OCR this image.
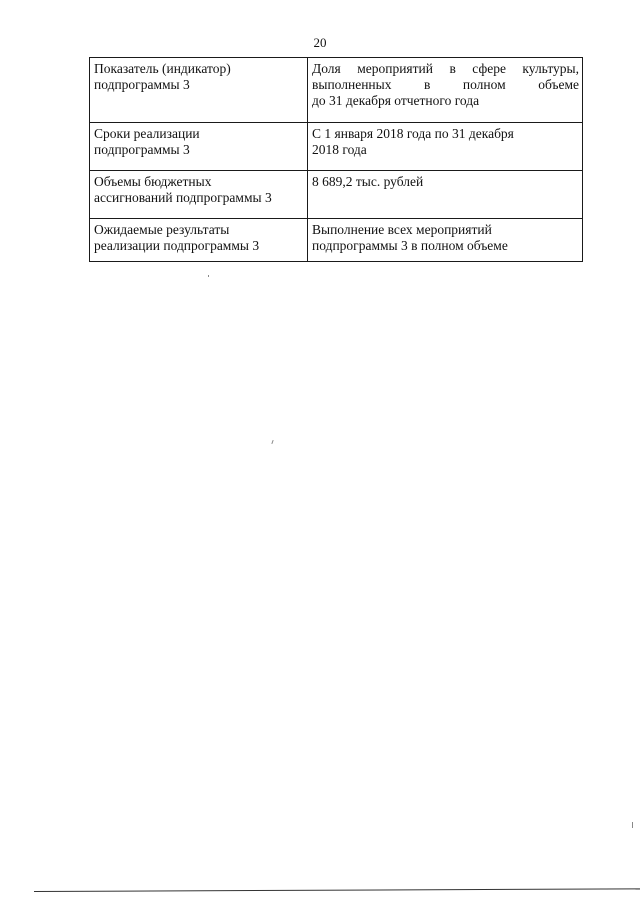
20
Показатель (индикатор)
подпрограммы 3	Доля мероприятий в сфере культуры,
выполненных в полном объеме
до 31 декабря отчетного года

Сроки реализации
подпрограммы 3	С 1 января 2018 года по 31 декабря
2018 года

Объемы бюджетных
ассигнований подпрограммы 3	8 689,2 тыс. рублей

Ожидаемые результаты
реализации подпрограммы 3	Выполнение всех мероприятий
подпрограммы 3 в полном объеме
